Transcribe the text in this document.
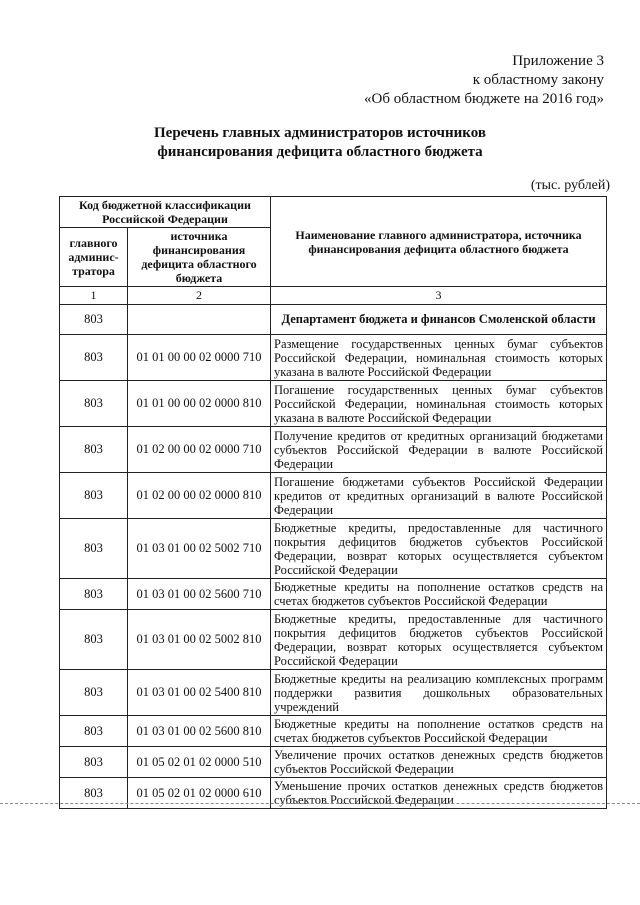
Приложение 3
к областному закону
«Об областном бюджете на 2016 год»
Перечень главных администраторов источников
финансирования дефицита областного бюджета
(тыс. рублей)
Код бюджетной классификации Российской Федерации		Наименование главного администратора, источника финансирования дефицита областного бюджета
главного админис-тратора	источника финансирования дефицита областного бюджета	
1	2	3
803		Департамент бюджета и финансов Смоленской области
803	01 01 00 00 02 0000 710	Размещение государственных ценных бумаг субъектов Российской Федерации, номинальная стоимость которых указана в валюте Российской Федерации
803	01 01 00 00 02 0000 810	Погашение государственных ценных бумаг субъектов Российской Федерации, номинальная стоимость которых указана в валюте Российской Федерации
803	01 02 00 00 02 0000 710	Получение кредитов от кредитных организаций бюджетами субъектов Российской Федерации в валюте Российской Федерации
803	01 02 00 00 02 0000 810	Погашение бюджетами субъектов Российской Федерации кредитов от кредитных организаций в валюте Российской Федерации
803	01 03 01 00 02 5002 710	Бюджетные кредиты, предоставленные для частичного покрытия дефицитов бюджетов субъектов Российской Федерации, возврат которых осуществляется субъектом Российской Федерации
803	01 03 01 00 02 5600 710	Бюджетные кредиты на пополнение остатков средств на счетах бюджетов субъектов Российской Федерации
803	01 03 01 00 02 5002 810	Бюджетные кредиты, предоставленные для частичного покрытия дефицитов бюджетов субъектов Российской Федерации, возврат которых осуществляется субъектом Российской Федерации
803	01 03 01 00 02 5400 810	Бюджетные кредиты на реализацию комплексных программ поддержки развития дошкольных образовательных учреждений
803	01 03 01 00 02 5600 810	Бюджетные кредиты на пополнение остатков средств на счетах бюджетов субъектов Российской Федерации
803	01 05 02 01 02 0000 510	Увеличение прочих остатков денежных средств бюджетов субъектов Российской Федерации
803	01 05 02 01 02 0000 610	Уменьшение прочих остатков денежных средств бюджетов субъектов Российской Федерации
